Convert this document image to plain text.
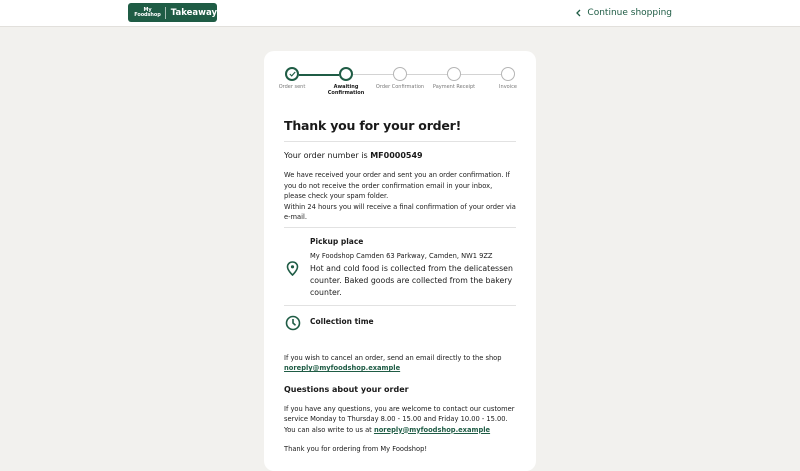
My
Foodshop Takeaway	Continue shopping
Order sent	Awaiting Confirmation
Order Confirmation	Payment Receipt	Invoice
Thank you for your order!

Your order number is MF0000549

We have received your order and sent you an order confirmation. If you do not receive the order confirmation email in your inbox, please check your spam folder.

Within 24 hours you will receive a final confirmation of your order via e-mail.

Pickup place

My Foodshop Camden 63 Parkway, Camden, NW1 9ZZ

Hot and cold food is collected from the delicatessen counter. Baked goods are collected from the bakery counter.

Collection time

If you wish to cancel an order, send an email directly to the shop
noreply@myfoodshop.example

Questions about your order

If you have any questions, you are welcome to contact our customer service Monday to Thursday 8.00 - 15.00 and Friday 10.00 - 15.00. You can also write to us at noreply@myfoodshop.example

Thank you for ordering from My Foodshop!
